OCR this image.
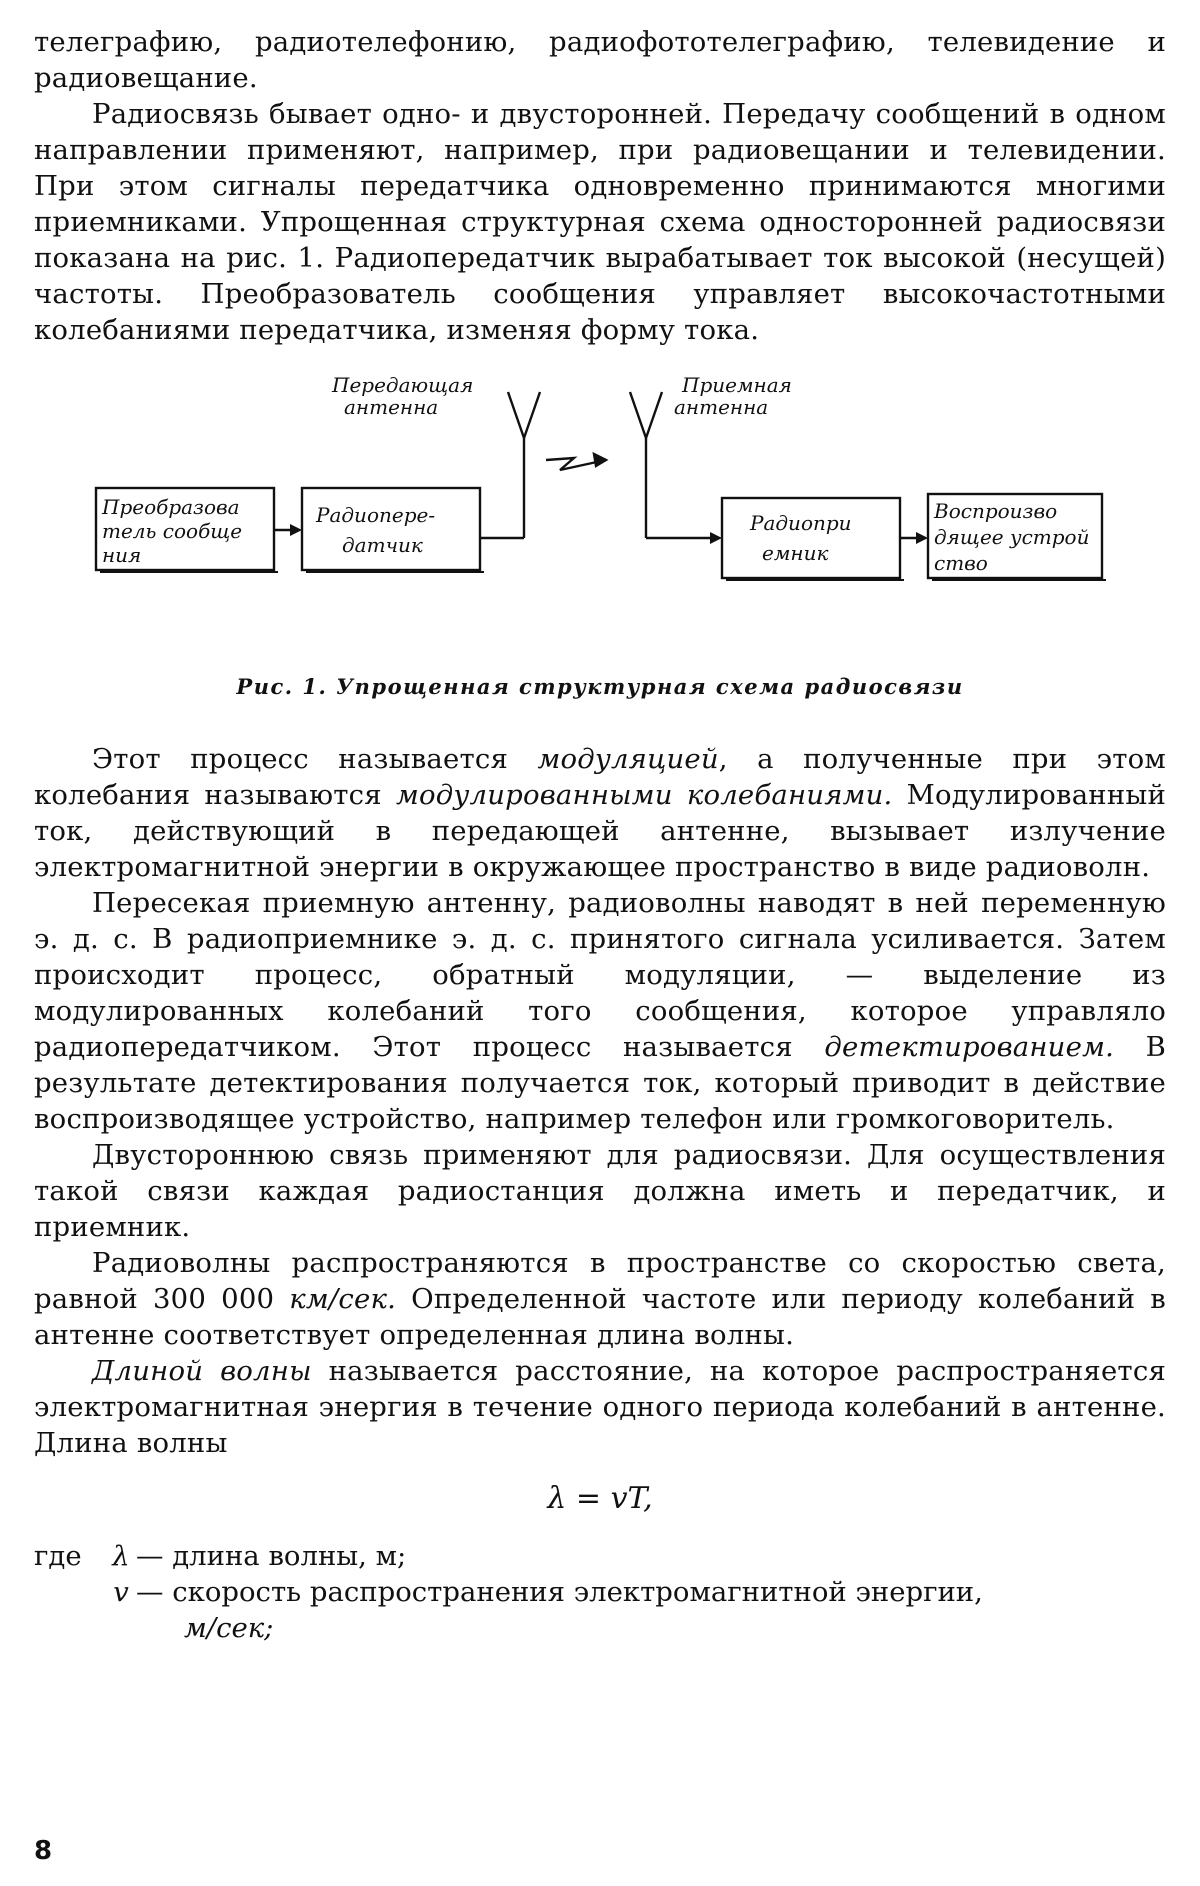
телеграфию, радиотелефонию, радиофототелеграфию, телевидение и радиовещание.

Радиосвязь бывает одно- и двусторонней. Передачу сообщений в одном направлении применяют, например, при радиовещании и телевидении. При этом сигналы передатчика одновременно принимаются многими приемниками. Упрощенная структурная схема односторонней радиосвязи показана на рис. 1. Радиопередатчик вырабатывает ток высокой (несущей) частоты. Преобразователь сообщения управляет высокочастотными колебаниями передатчика, изменяя форму тока.

Передающая
антенна
Приемная
антенна
Преобразова
тель сообще
ния
Радиопере-
датчик
Радиопри
емник
Воспроизво
дящее устрой
ство
Рис. 1. Упрощенная структурная схема радиосвязи

Этот процесс называется модуляцией, а полученные при этом колебания называются модулированными колебаниями. Модулированный ток, действующий в передающей антенне, вызывает излучение электромагнитной энергии в окружающее пространство в виде радиоволн.

Пересекая приемную антенну, радиоволны наводят в ней переменную э. д. с. В радиоприемнике э. д. с. принятого сигнала усиливается. Затем происходит процесс, обратный модуляции, — выделение из модулированных колебаний того сообщения, которое управляло радиопередатчиком. Этот процесс называется детектированием. В результате детектирования получается ток, который приводит в действие воспроизводящее устройство, например телефон или громкоговоритель.

Двустороннюю связь применяют для радиосвязи. Для осуществления такой связи каждая радиостанция должна иметь и передатчик, и приемник.

Радиоволны распространяются в пространстве со скоростью света, равной 300 000 км/сек. Определенной частоте или периоду колебаний в антенне соответствует определенная длина волны.

Длиной волны называется расстояние, на которое распространяется электромагнитная энергия в течение одного периода колебаний в антенне. Длина волны

λ = vT,
где	λ — длина волны, м;
v — скорость распространения электромагнитной энергии,
м/сек;
8
